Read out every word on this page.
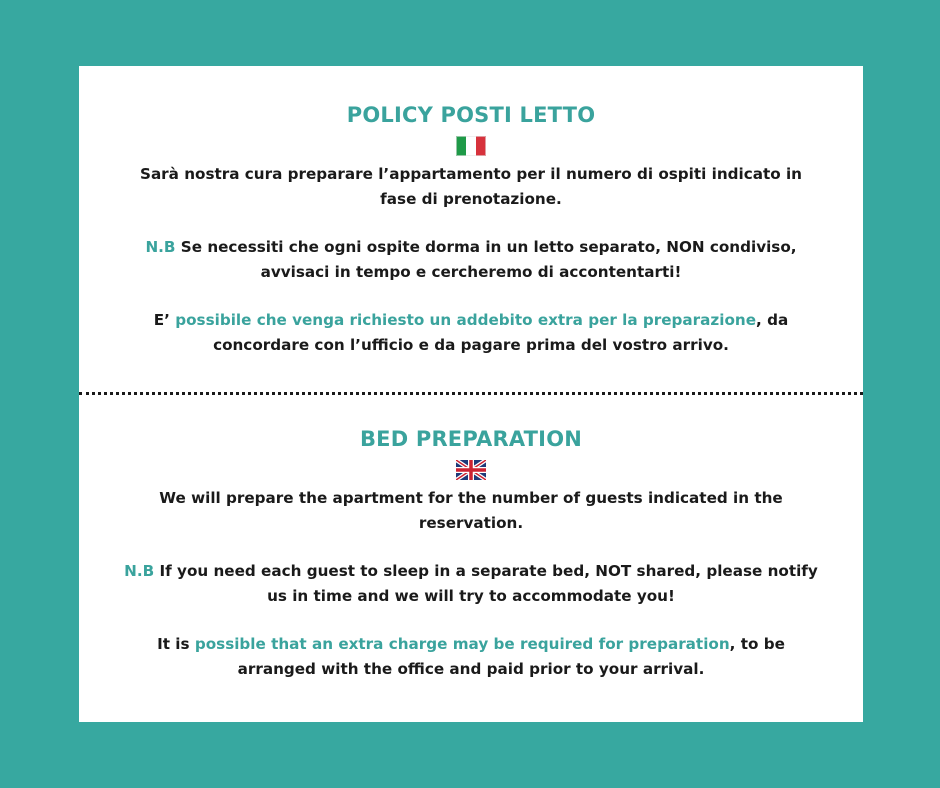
POLICY POSTI LETTO

Sarà nostra cura preparare l’appartamento per il numero di ospiti indicato in fase di prenotazione.

N.B Se necessiti che ogni ospite dorma in un letto separato, NON condiviso, avvisaci in tempo e cercheremo di accontentarti!

E’ possibile che venga richiesto un addebito extra per la preparazione, da concordare con l’ufficio e da pagare prima del vostro arrivo.

BED PREPARATION

We will prepare the apartment for the number of guests indicated in the reservation.

N.B If you need each guest to sleep in a separate bed, NOT shared, please notify us in time and we will try to accommodate you!

It is possible that an extra charge may be required for preparation, to be arranged with the office and paid prior to your arrival.
